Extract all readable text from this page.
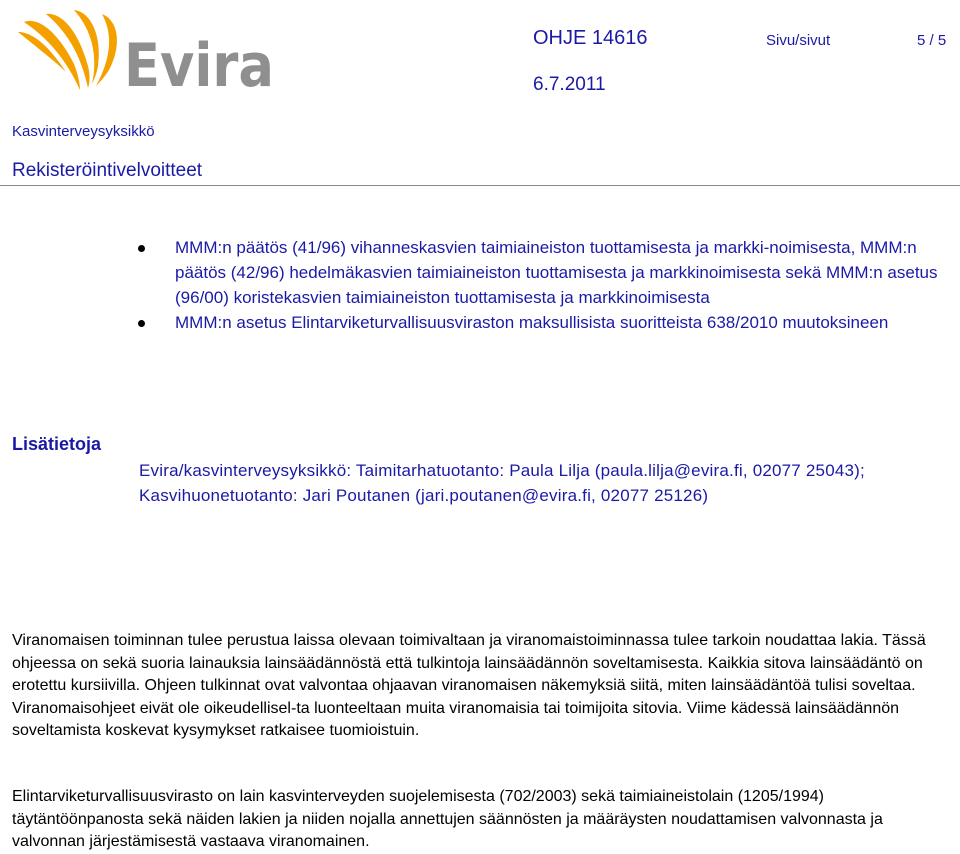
Evira	OHJE 14616	Sivu/sivut	5 / 5
6.7.2011
Kasvinterveysyksikkö
Rekisteröintivelvoitteet
MMM:n päätös (41/96) vihanneskasvien taimiaineiston tuottamisesta ja markki-noimisesta, MMM:n päätös (42/96) hedelmäkasvien taimiaineiston tuottamisesta ja markkinoimisesta sekä MMM:n asetus (96/00) koristekasvien taimiaineiston tuottamisesta ja markkinoimisesta
MMM:n asetus Elintarviketurvallisuusviraston maksullisista suoritteista 638/2010 muutoksineen
Lisätietoja
Evira/kasvinterveysyksikkö: Taimitarhatuotanto: Paula Lilja (paula.lilja@evira.fi, 02077 25043); Kasvihuonetuotanto: Jari Poutanen (jari.poutanen@evira.fi, 02077 25126)
Viranomaisen toiminnan tulee perustua laissa olevaan toimivaltaan ja viranomaistoiminnassa tulee tarkoin noudattaa lakia. Tässä ohjeessa on sekä suoria lainauksia lainsäädännöstä että tulkintoja lainsäädännön soveltamisesta. Kaikkia sitova lainsäädäntö on erotettu kursiivilla. Ohjeen tulkinnat ovat valvontaa ohjaavan viranomaisen näkemyksiä siitä, miten lainsäädäntöä tulisi soveltaa. Viranomaisohjeet eivät ole oikeudellisel-ta luonteeltaan muita viranomaisia tai toimijoita sitovia. Viime kädessä lainsäädännön soveltamista koskevat kysymykset ratkaisee tuomioistuin.
Elintarviketurvallisuusvirasto on lain kasvinterveyden suojelemisesta (702/2003) sekä taimiaineistolain (1205/1994) täytäntöönpanosta sekä näiden lakien ja niiden nojalla annettujen säännösten ja määräysten noudattamisen valvonnasta ja valvonnan järjestämisestä vastaava viranomainen.
